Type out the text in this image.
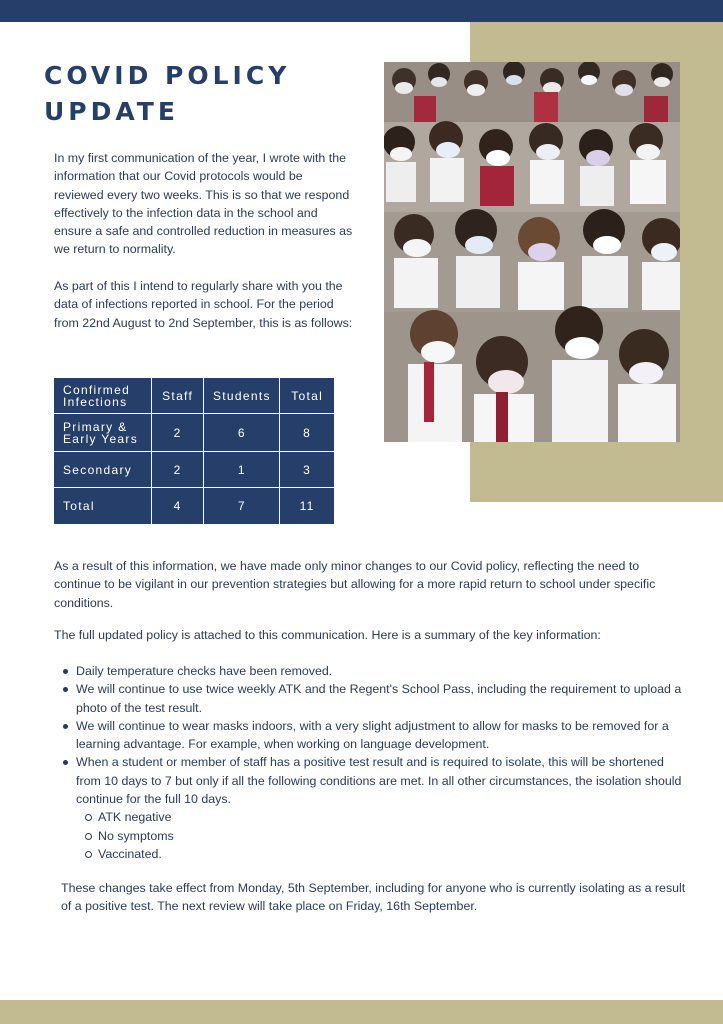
COVID POLICY UPDATE

In my first communication of the year, I wrote with the information that our Covid protocols would be reviewed every two weeks. This is so that we respond effectively to the infection data in the school and ensure a safe and controlled reduction in measures as we return to normality.

As part of this I intend to regularly share with you the data of infections reported in school. For the period from 22nd August to 2nd September, this is as follows:

Confirmed Infections	Staff	Students	Total
Primary & Early Years	2	6	8
Secondary	2	1	3
Total	4	7	11

As a result of this information, we have made only minor changes to our Covid policy, reflecting the need to continue to be vigilant in our prevention strategies but allowing for a more rapid return to school under specific conditions.

The full updated policy is attached to this communication. Here is a summary of the key information:

Daily temperature checks have been removed.
We will continue to use twice weekly ATK and the Regent's School Pass, including the requirement to upload a photo of the test result.
We will continue to wear masks indoors, with a very slight adjustment to allow for masks to be removed for a learning advantage. For example, when working on language development.
When a student or member of staff has a positive test result and is required to isolate, this will be shortened from 10 days to 7 but only if all the following conditions are met. In all other circumstances, the isolation should continue for the full 10 days.
ATK negative
No symptoms
Vaccinated.

These changes take effect from Monday, 5th September, including for anyone who is currently isolating as a result of a positive test. The next review will take place on Friday, 16th September.
